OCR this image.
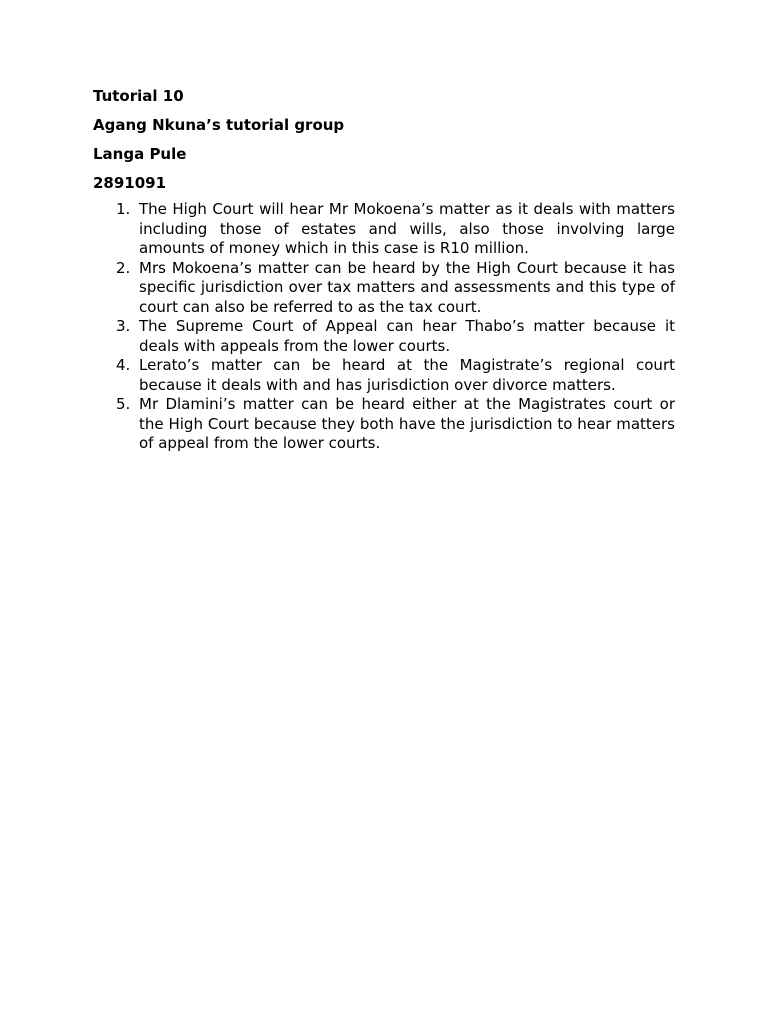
Tutorial 10

Agang Nkuna’s tutorial group

Langa Pule

2891091

1. The High Court will hear Mr Mokoena’s matter as it deals with matters including those of estates and wills, also those involving large amounts of money which in this case is R10 million.
2. Mrs Mokoena’s matter can be heard by the High Court because it has specific jurisdiction over tax matters and assessments and this type of court can also be referred to as the tax court.
3. The Supreme Court of Appeal can hear Thabo’s matter because it deals with appeals from the lower courts.
4. Lerato’s matter can be heard at the Magistrate’s regional court because it deals with and has jurisdiction over divorce matters.
5. Mr Dlamini’s matter can be heard either at the Magistrates court or the High Court because they both have the jurisdiction to hear matters of appeal from the lower courts.
